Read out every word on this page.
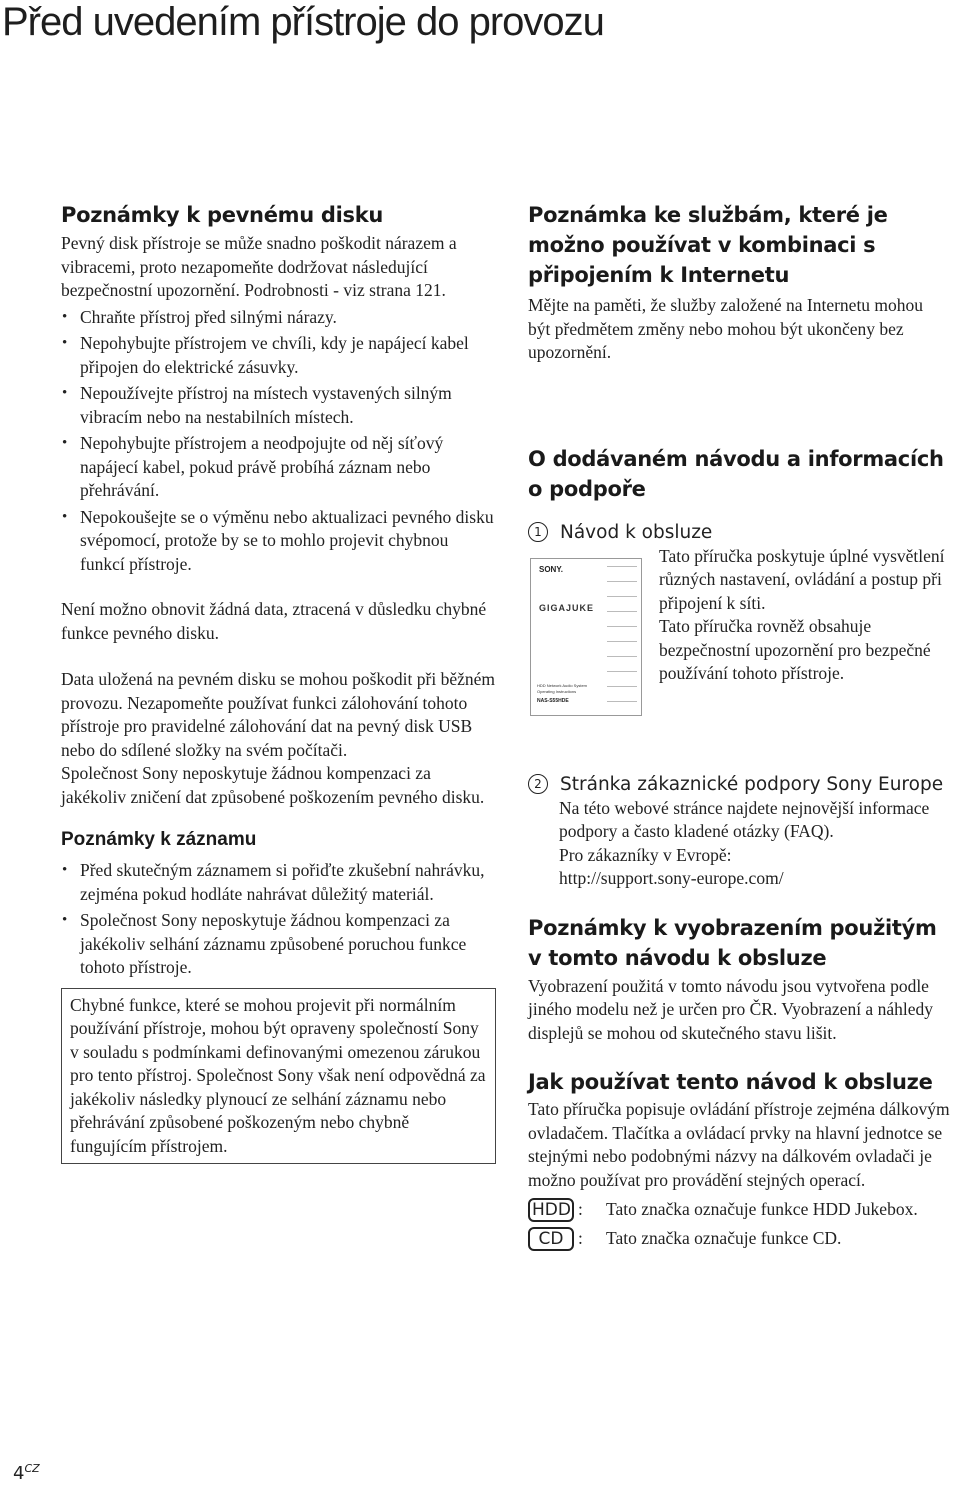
Před uvedením přístroje do provozu
Poznámky k pevnému disku

Pevný disk přístroje se může snadno poškodit nárazem a vibracemi, proto nezapomeňte dodržovat následující bezpečnostní upozornění. Podrobnosti - viz strana 121.

• Chraňte přístroj před silnými nárazy.
• Nepohybujte přístrojem ve chvíli, kdy je napájecí kabel připojen do elektrické zásuvky.
• Nepoužívejte přístroj na místech vystavených silným vibracím nebo na nestabilních místech.
• Nepohybujte přístrojem a neodpojujte od něj síťový napájecí kabel, pokud právě probíhá záznam nebo přehrávání.
• Nepokoušejte se o výměnu nebo aktualizaci pevného disku svépomocí, protože by se to mohlo projevit chybnou funkcí přístroje.

Není možno obnovit žádná data, ztracená v důsledku chybné funkce pevného disku.

Data uložená na pevném disku se mohou poškodit při běžném provozu. Nezapomeňte používat funkci zálohování tohoto přístroje pro pravidelné zálohování dat na pevný disk USB nebo do sdílené složky na svém počítači.

Společnost Sony neposkytuje žádnou kompenzaci za jakékoliv zničení dat způsobené poškozením pevného disku.

Poznámky k záznamu
• Před skutečným záznamem si pořiďte zkušební nahrávku, zejména pokud hodláte nahrávat důležitý materiál.
• Společnost Sony neposkytuje žádnou kompenzaci za jakékoliv selhání záznamu způsobené poruchou funkce tohoto přístroje.

Chybné funkce, které se mohou projevit při normálním používání přístroje, mohou být opraveny společností Sony v souladu s podmínkami definovanými omezenou zárukou pro tento přístroj. Společnost Sony však není odpovědná za jakékoliv následky plynoucí ze selhání záznamu nebo přehrávání způsobené poškozeným nebo chybně fungujícím přístrojem.

Poznámka ke službám, které je možno používat v kombinaci s připojením k Internetu

Mějte na paměti, že služby založené na Internetu mohou být předmětem změny nebo mohou být ukončeny bez upozornění.

O dodávaném návodu a informacích o podpoře
1 Návod k obsluze

Tato příručka poskytuje úplné vysvětlení různých nastavení, ovládání a postup při připojení k síti.

Tato příručka rovněž obsahuje bezpečnostní upozornění pro bezpečné používání tohoto přístroje.

2 Stránka zákaznické podpory Sony Europe

Na této webové stránce najdete nejnovější informace podpory a často kladené otázky (FAQ).

Pro zákazníky v Evropě:

http://support.sony-europe.com/

Poznámky k vyobrazením použitým v tomto návodu k obsluze

Vyobrazení použitá v tomto návodu jsou vytvořena podle jiného modelu než je určen pro ČR. Vyobrazení a náhledy displejů se mohou od skutečného stavu lišit.

Jak používat tento návod k obsluze

Tato příručka popisuje ovládání přístroje zejména dálkovým ovladačem. Tlačítka a ovládací prvky na hlavní jednotce se stejnými nebo podobnými názvy na dálkovém ovladači je možno používat pro provádění stejných operací.

HDD :	Tato značka označuje funkce HDD Jukebox.
CD :	Tato značka označuje funkce CD.
SONY.
GIGAJUKE
HDD Network Audio System
Operating Instructions
NAS-S55HDE
$4^{CZ}$
